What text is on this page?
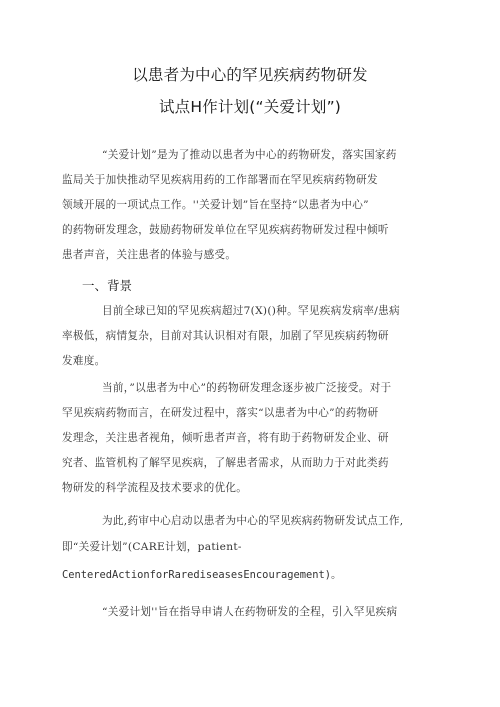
以患者为中心的罕见疾病药物研发
试点H作计划(“关爱计划”)
“关爱计划”是为了推动以患者为中心的药物研发，落实国家药
监局关于加快推动罕见疾病用药的工作部署而在罕见疾病药物研发
领域开展的一项试点工作。''关爱计划”旨在坚持“以患者为中心”
的药物研发理念，鼓励药物研发单位在罕见疾病药物研发过程中倾听
患者声音，关注患者的体验与感受。
一、背景
目前全球已知的罕见疾病超过7(X)()种。罕见疾病发病率/患病
率极低，病情复杂，目前对其认识相对有限，加剧了罕见疾病药物研
发难度。
当前，”以患者为中心”的药物研发理念逐步被广泛接受。对于
罕见疾病药物而言，在研发过程中，落实“以患者为中心”的药物研
发理念，关注患者视角，倾听患者声音，将有助于药物研发企业、研
究者、监管机构了解罕见疾病，了解患者需求，从而助力于对此类药
物研发的科学流程及技术要求的优化。
为此,药审中心启动以患者为中心的罕见疾病药物研发试点工作,
即“关爱计划”(CARE计划，patient-
CenteredActionforRarediseasesEncouragement)。
“关爱计划''旨在指导申请人在药物研发的全程，引入罕见疾病
